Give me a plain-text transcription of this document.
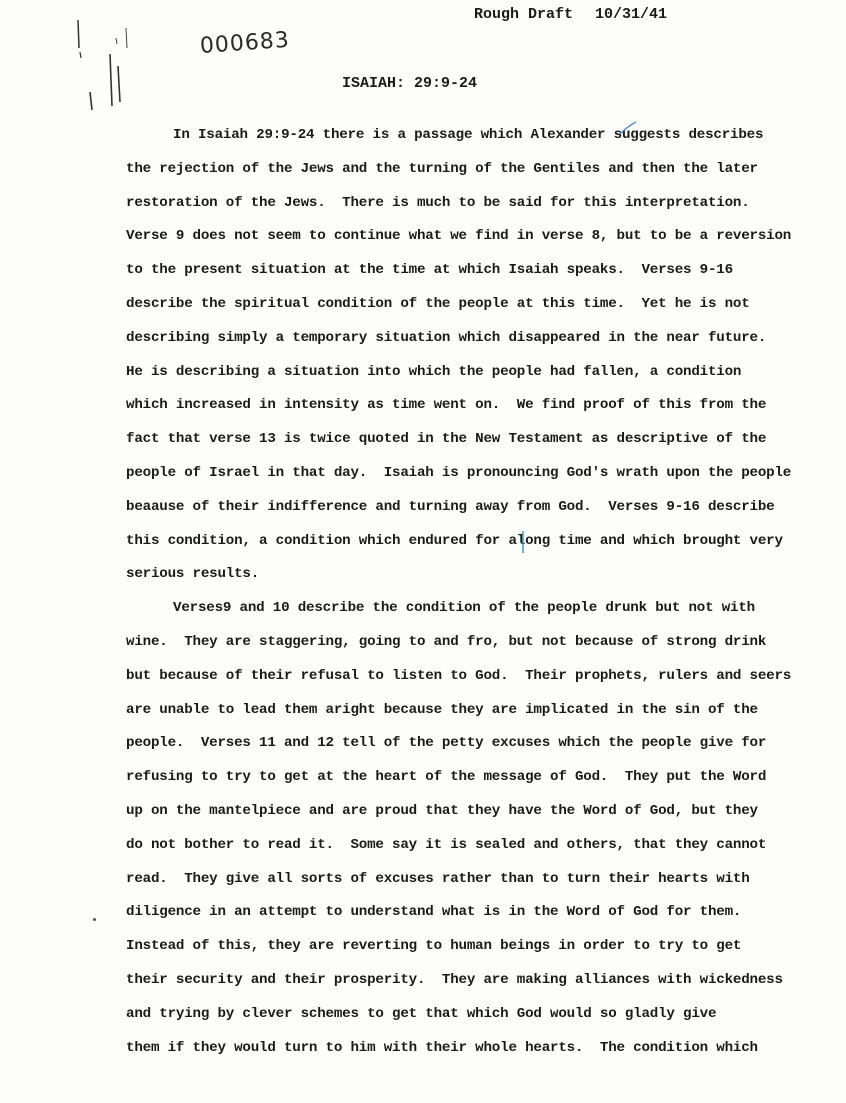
Rough Draft 10/31/41
000683
ISAIAH: 29:9-24
In Isaiah 29:9-24 there is a passage which Alexander suggests describes
the rejection of the Jews and the turning of the Gentiles and then the later
restoration of the Jews.  There is much to be said for this interpretation.
Verse 9 does not seem to continue what we find in verse 8, but to be a reversion
to the present situation at the time at which Isaiah speaks.  Verses 9-16
describe the spiritual condition of the people at this time.  Yet he is not
describing simply a temporary situation which disappeared in the near future.
He is describing a situation into which the people had fallen, a condition
which increased in intensity as time went on.  We find proof of this from the
fact that verse 13 is twice quoted in the New Testament as descriptive of the
people of Israel in that day.  Isaiah is pronouncing God's wrath upon the people
beaause of their indifference and turning away from God.  Verses 9-16 describe
this condition, a condition which endured for along time and which brought very
serious results.
Verses9 and 10 describe the condition of the people drunk but not with
wine.  They are staggering, going to and fro, but not because of strong drink
but because of their refusal to listen to God.  Their prophets, rulers and seers
are unable to lead them aright because they are implicated in the sin of the
people.  Verses 11 and 12 tell of the petty excuses which the people give for
refusing to try to get at the heart of the message of God.  They put the Word
up on the mantelpiece and are proud that they have the Word of God, but they
do not bother to read it.  Some say it is sealed and others, that they cannot
read.  They give all sorts of excuses rather than to turn their hearts with
diligence in an attempt to understand what is in the Word of God for them.
Instead of this, they are reverting to human beings in order to try to get
their security and their prosperity.  They are making alliances with wickedness
and trying by clever schemes to get that which God would so gladly give
them if they would turn to him with their whole hearts.  The condition which
